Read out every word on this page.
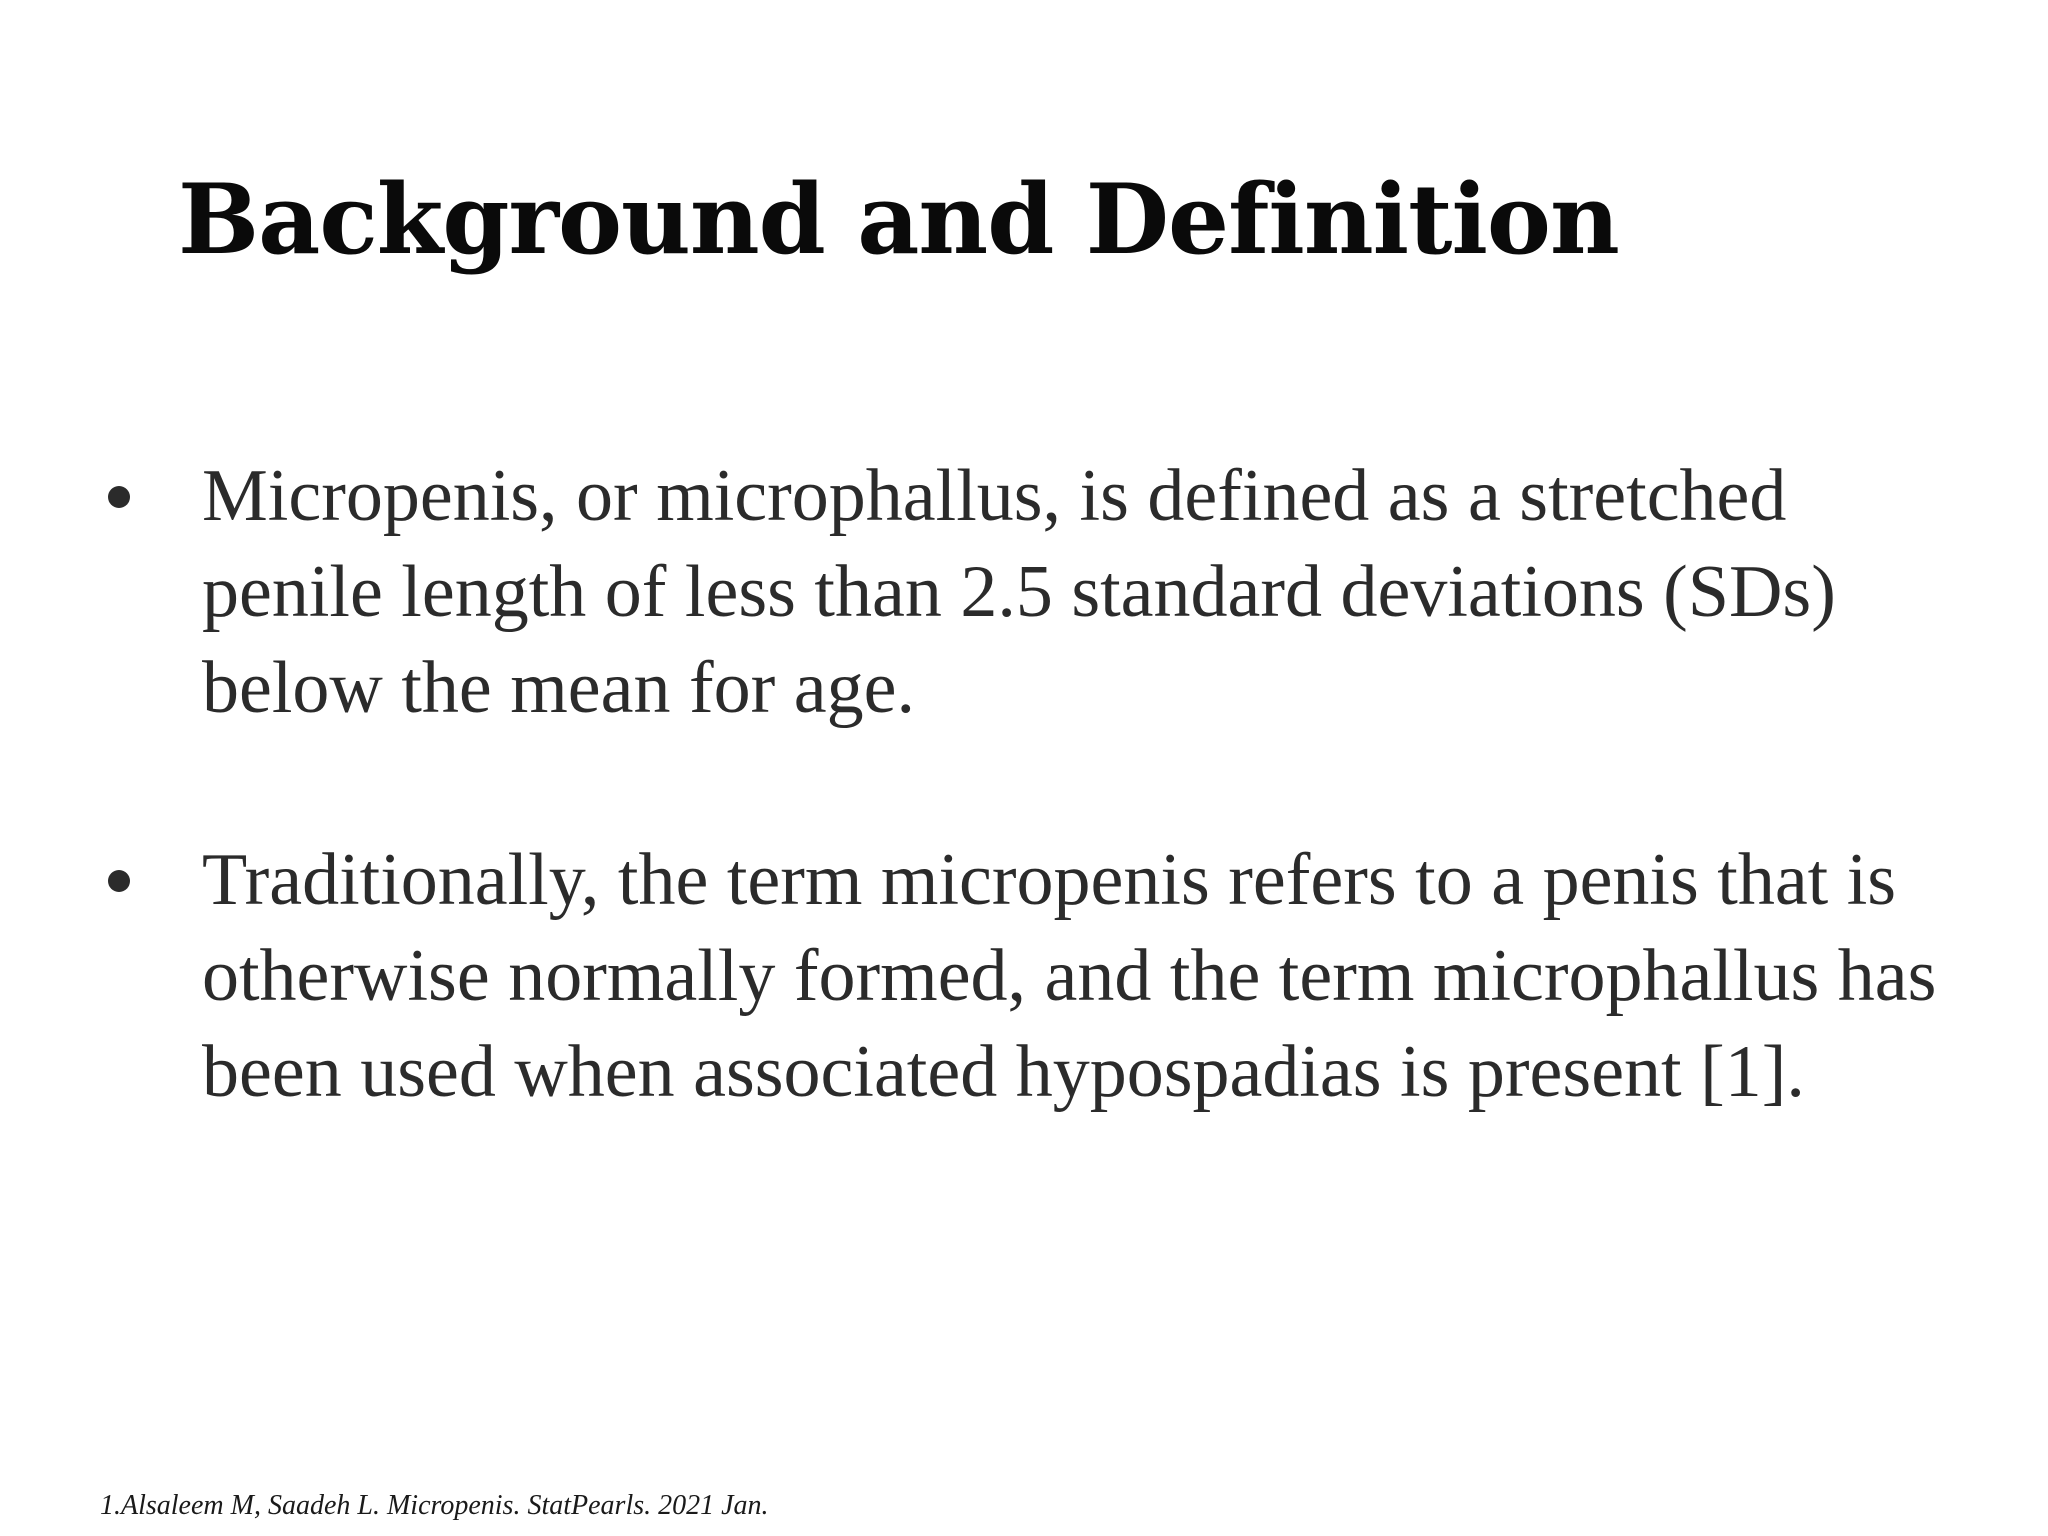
Background and Definition
Micropenis, or microphallus, is defined as a stretched penile length of less than 2.5 standard deviations (SDs) below the mean for age.
Traditionally, the term micropenis refers to a penis that is otherwise normally formed, and the term microphallus has been used when associated hypospadias is present [1].

1.Alsaleem M, Saadeh L. Micropenis. StatPearls. 2021 Jan.
